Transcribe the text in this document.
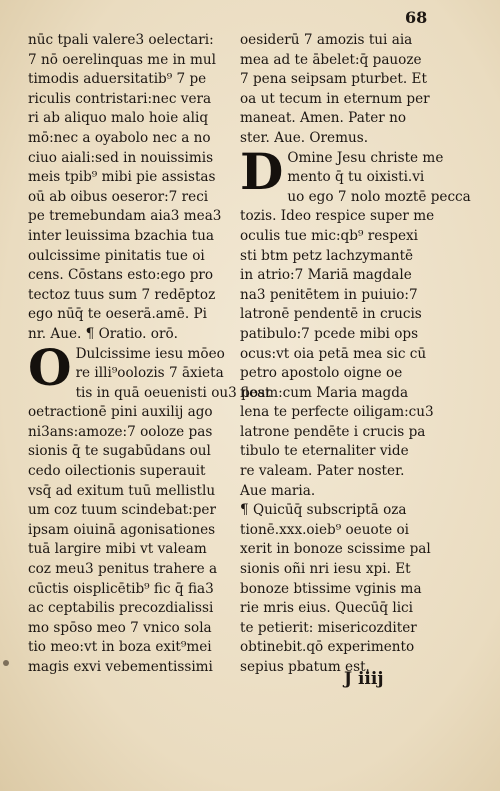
68
nūc tpali valere3 oelectari:
7 nō oerelinquas me in mul
timodis aduersitatib⁹ 7 pe
riculis contristari:nec vera
ri ab aliquo malo hoie aliq
mō:nec a oyabolo nec a no
ciuo aiali:sed in nouissimis
meis tpib⁹ mibi pie assistas
oū ab oibus oeseror:7 reci
pe tremebundam aia3 mea3
inter leuissima bzachia tua
oulcissime pinitatis tue oi
cens. Cōstans esto:ego pro
tectoz tuus sum 7 redēptoz
ego nūq̄ te oeserā.amē. Pi
nr. Aue. ¶ Oratio. orō.
O Dulcissime iesu mōeo
re illi⁹oolozis 7 āxieta
tis in quā oeuenisti ou3 post
oetractionē pini auxilij ago
ni3ans:amoze:7 ooloze pas
sionis q̄ te sugabūdans oul
cedo oilectionis superauit
vsq̄ ad exitum tuū mellistlu
um coz tuum scindebat:per
ipsam oiuinā agonisationes
tuā largire mibi vt valeam
coz meu3 penitus trahere a
cūctis oisplicētib⁹ fic q̄ fia3
ac ceptabilis precozdialissi
mo spōso meo 7 vnico sola
tio meo:vt in boza exit⁹mei
magis exvi vebementissimi
oesiderū 7 amozis tui aia
mea ad te ābelet:q̄ pauoze
7 pena seipsam pturbet. Et
oa ut tecum in eternum per
maneat. Amen. Pater no
ster. Aue. Oremus.
D Omine Jesu christe me
mento q̄ tu oixisti.vi
uo ego 7 nolo moztē pecca
tozis. Ideo respice super me
oculis tue mic:qb⁹ respexi
sti btm petz lachzymantē
in atrio:7 Mariā magdale
na3 penitētem in puiuio:7
latronē pendentē in crucis
patibulo:7 pcede mibi ops
ocus:vt oia petā mea sic cū
petro apostolo oigne oe
fleam:cum Maria magda
lena te perfecte oiligam:cu3
latrone pendēte i crucis pa
tibulo te eternaliter vide
re valeam. Pater noster.
Aue maria.
¶ Quicūq̄ subscriptā oza
tionē.xxx.oieb⁹ oeuote oi
xerit in bonoze scissime pal
sionis oñi nri iesu xpi. Et
bonoze btissime vginis ma
rie mris eius. Quecūq̄ lici
te petierit: misericozditer
obtinebit.qō experimento
sepius pbatum est.
J iiij
